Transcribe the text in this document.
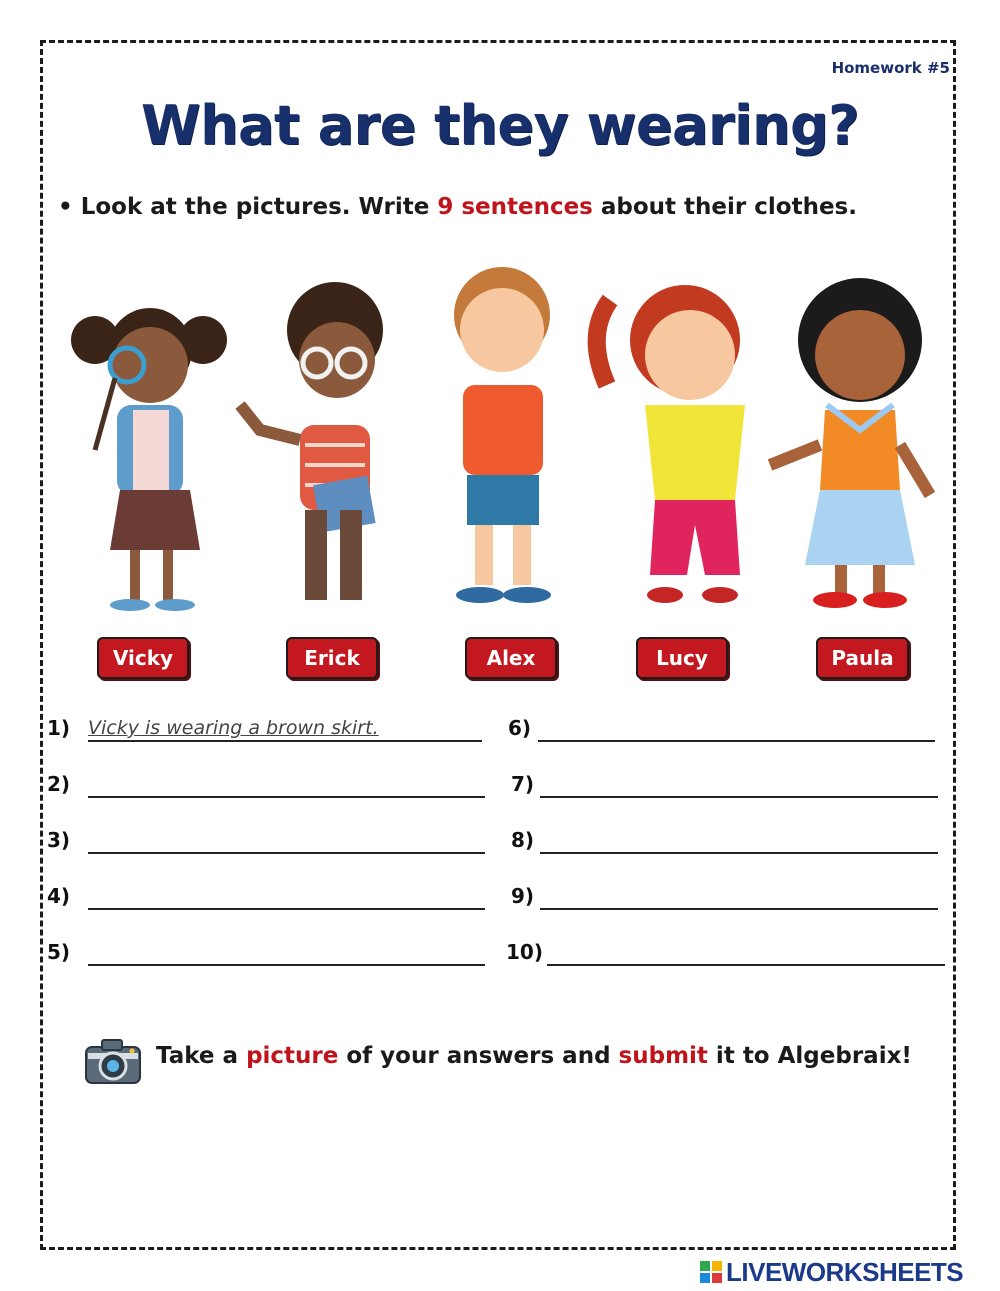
Homework #5
What are they wearing?
• Look at the pictures. Write 9 sentences about their clothes.
Vicky	Erick	Alex	Lucy	Paula
1) Vicky is wearing a brown skirt.
2)
3)
4)
5)
6)
7)
8)
9)
10)
Take a picture of your answers and submit it to Algebraix!
LIVEWORKSHEETS
